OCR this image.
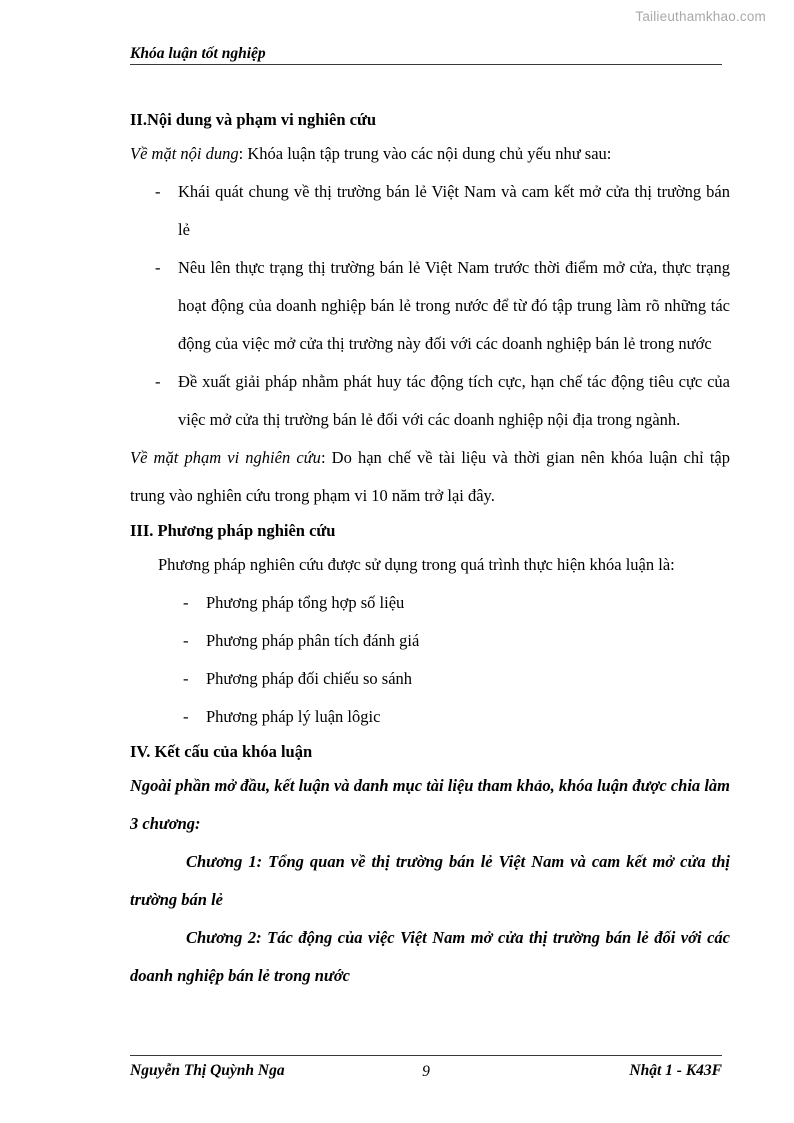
Tailieuthamkhao.com
Khóa luận tốt nghiệp
II.Nội dung và phạm vi nghiên cứu
Về mặt nội dung: Khóa luận tập trung vào các nội dung chủ yếu như sau:
- Khái quát chung về thị trường bán lẻ Việt Nam và cam kết mở cửa thị trường bán lẻ
- Nêu lên thực trạng thị trường bán lẻ Việt Nam trước thời điểm mở cửa, thực trạng hoạt động của doanh nghiệp bán lẻ trong nước để từ đó tập trung làm rõ những tác động của việc mở cửa thị trường này đối với các doanh nghiệp bán lẻ trong nước
- Đề xuất giải pháp nhằm phát huy tác động tích cực, hạn chế tác động tiêu cực của việc mở cửa thị trường bán lẻ đối với các doanh nghiệp nội địa trong ngành.
Về mặt phạm vi nghiên cứu: Do hạn chế về tài liệu và thời gian nên khóa luận chỉ tập trung vào nghiên cứu trong phạm vi 10 năm trở lại đây.
III. Phương pháp nghiên cứu
Phương pháp nghiên cứu được sử dụng trong quá trình thực hiện khóa luận là:
- Phương pháp tổng hợp số liệu
- Phương pháp phân tích đánh giá
- Phương pháp đối chiếu so sánh
- Phương pháp lý luận lôgic
IV. Kết cấu của khóa luận
Ngoài phần mở đầu, kết luận và danh mục tài liệu tham khảo, khóa luận được chia làm 3 chương:
Chương 1: Tổng quan về thị trường bán lẻ Việt Nam và cam kết mở cửa thị trường bán lẻ
Chương 2: Tác động của việc Việt Nam mở cửa thị trường bán lẻ đối với các doanh nghiệp bán lẻ trong nước
Nguyễn Thị Quỳnh Nga	Nhật 1 - K43F
9
